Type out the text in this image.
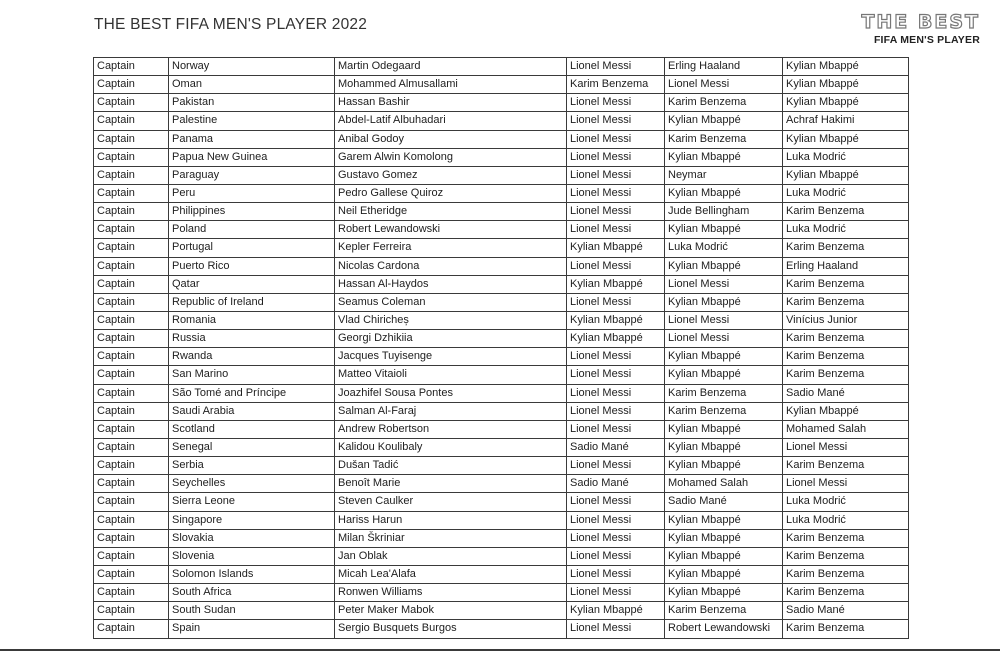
THE BEST FIFA MEN'S PLAYER 2022	THE BEST
FIFA MEN'S PLAYER
Captain	Norway	Martin Odegaard	Lionel Messi	Erling Haaland	Kylian Mbappé
Captain	Oman	Mohammed Almusallami	Karim Benzema	Lionel Messi	Kylian Mbappé
Captain	Pakistan	Hassan Bashir	Lionel Messi	Karim Benzema	Kylian Mbappé
Captain	Palestine	Abdel-Latif Albuhadari	Lionel Messi	Kylian Mbappé	Achraf Hakimi
Captain	Panama	Anibal Godoy	Lionel Messi	Karim Benzema	Kylian Mbappé
Captain	Papua New Guinea	Garem Alwin Komolong	Lionel Messi	Kylian Mbappé	Luka Modrić
Captain	Paraguay	Gustavo Gomez	Lionel Messi	Neymar	Kylian Mbappé
Captain	Peru	Pedro Gallese Quiroz	Lionel Messi	Kylian Mbappé	Luka Modrić
Captain	Philippines	Neil Etheridge	Lionel Messi	Jude Bellingham	Karim Benzema
Captain	Poland	Robert Lewandowski	Lionel Messi	Kylian Mbappé	Luka Modrić
Captain	Portugal	Kepler Ferreira	Kylian Mbappé	Luka Modrić	Karim Benzema
Captain	Puerto Rico	Nicolas Cardona	Lionel Messi	Kylian Mbappé	Erling Haaland
Captain	Qatar	Hassan Al-Haydos	Kylian Mbappé	Lionel Messi	Karim Benzema
Captain	Republic of Ireland	Seamus Coleman	Lionel Messi	Kylian Mbappé	Karim Benzema
Captain	Romania	Vlad Chiricheș	Kylian Mbappé	Lionel Messi	Vinícius Junior
Captain	Russia	Georgi Dzhikiia	Kylian Mbappé	Lionel Messi	Karim Benzema
Captain	Rwanda	Jacques Tuyisenge	Lionel Messi	Kylian Mbappé	Karim Benzema
Captain	San Marino	Matteo Vitaioli	Lionel Messi	Kylian Mbappé	Karim Benzema
Captain	São Tomé and Príncipe	Joazhifel Sousa Pontes	Lionel Messi	Karim Benzema	Sadio Mané
Captain	Saudi Arabia	Salman Al-Faraj	Lionel Messi	Karim Benzema	Kylian Mbappé
Captain	Scotland	Andrew Robertson	Lionel Messi	Kylian Mbappé	Mohamed Salah
Captain	Senegal	Kalidou Koulibaly	Sadio Mané	Kylian Mbappé	Lionel Messi
Captain	Serbia	Dušan Tadić	Lionel Messi	Kylian Mbappé	Karim Benzema
Captain	Seychelles	Benoît Marie	Sadio Mané	Mohamed Salah	Lionel Messi
Captain	Sierra Leone	Steven Caulker	Lionel Messi	Sadio Mané	Luka Modrić
Captain	Singapore	Hariss Harun	Lionel Messi	Kylian Mbappé	Luka Modrić
Captain	Slovakia	Milan Škriniar	Lionel Messi	Kylian Mbappé	Karim Benzema
Captain	Slovenia	Jan Oblak	Lionel Messi	Kylian Mbappé	Karim Benzema
Captain	Solomon Islands	Micah Lea'Alafa	Lionel Messi	Kylian Mbappé	Karim Benzema
Captain	South Africa	Ronwen Williams	Lionel Messi	Kylian Mbappé	Karim Benzema
Captain	South Sudan	Peter Maker Mabok	Kylian Mbappé	Karim Benzema	Sadio Mané
Captain	Spain	Sergio Busquets Burgos	Lionel Messi	Robert Lewandowski	Karim Benzema
